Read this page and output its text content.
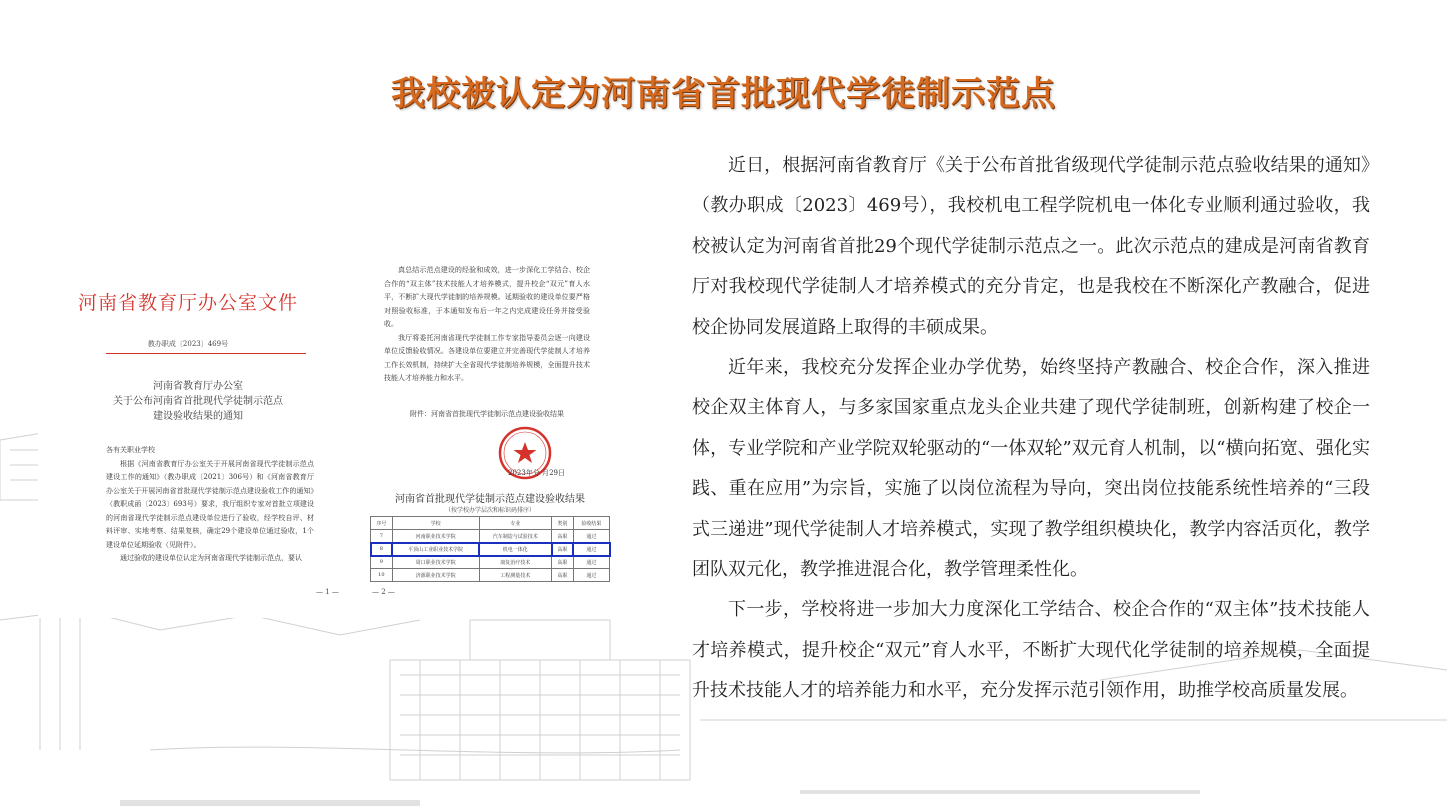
我校被认定为河南省首批现代学徒制示范点
河南省教育厅办公室文件
教办职成〔2023〕469号
河南省教育厅办公室
关于公布河南省首批现代学徒制示范点
建设验收结果的通知

各有关职业学校

根据《河南省教育厅办公室关于开展河南省现代学徒制示范点建设工作的通知》（教办职成〔2021〕306号）和《河南省教育厅办公室关于开展河南省首批现代学徒制示范点建设验收工作的通知》（教职成函〔2023〕693号）要求，我厅组织专家对首批立项建设的河南省现代学徒制示范点建设单位进行了验收，经学校自评、材料评审、实地考察、结果复核，确定29个建设单位通过验收，1个建设单位延期验收（见附件）。

通过验收的建设单位认定为河南省现代学徒制示范点，要认

— 1 —

真总结示范点建设的经验和成效，进一步深化工学结合、校企合作的“双主体”技术技能人才培养模式，提升校企“双元”育人水平，不断扩大现代学徒制的培养规模。延期验收的建设单位要严格对照验收标准，于本通知发布后一年之内完成建设任务并接受验收。

我厅将委托河南省现代学徒制工作专家指导委员会逐一向建设单位反馈验收情况。各建设单位要建立并完善现代学徒制人才培养工作长效机制，持续扩大全省现代学徒制培养规模，全面提升技术技能人才培养能力和水平。

附件：河南省首批现代学徒制示范点建设验收结果
2023年分 月29日
河南省首批现代学徒制示范点建设验收结果
（按学校办学层次和标识码排序）
序号	学校	专业	类别	验收结果
7	河南职业技术学院	汽车制造与试验技术	高职	通过
8	平顶山工业职业技术学院	机电一体化	高职	通过
9	周口职业技术学院	康复治疗技术	高职	通过
10	济源职业技术学院	工程测量技术	高职	通过
— 2 —

近日，根据河南省教育厅《关于公布首批省级现代学徒制示范点验收结果的通知》（教办职成〔2023〕469号），我校机电工程学院机电一体化专业顺利通过验收，我校被认定为河南省首批29个现代学徒制示范点之一。此次示范点的建成是河南省教育厅对我校现代学徒制人才培养模式的充分肯定，也是我校在不断深化产教融合，促进校企协同发展道路上取得的丰硕成果。

近年来，我校充分发挥企业办学优势，始终坚持产教融合、校企合作，深入推进校企双主体育人，与多家国家重点龙头企业共建了现代学徒制班，创新构建了校企一体，专业学院和产业学院双轮驱动的“一体双轮”双元育人机制，以“横向拓宽、强化实践、重在应用”为宗旨，实施了以岗位流程为导向，突出岗位技能系统性培养的“三段式三递进”现代学徒制人才培养模式，实现了教学组织模块化，教学内容活页化，教学团队双元化，教学推进混合化，教学管理柔性化。

下一步，学校将进一步加大力度深化工学结合、校企合作的“双主体”技术技能人才培养模式，提升校企“双元”育人水平，不断扩大现代化学徒制的培养规模，全面提升技术技能人才的培养能力和水平，充分发挥示范引领作用，助推学校高质量发展。
